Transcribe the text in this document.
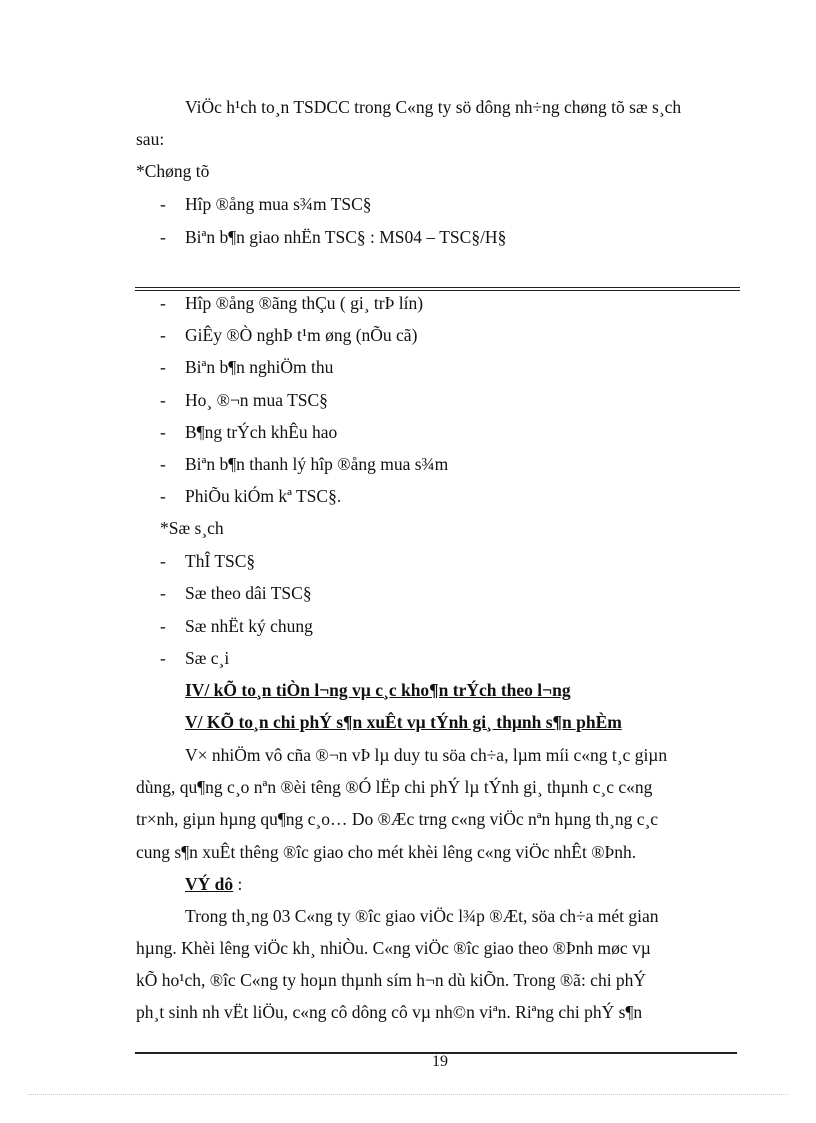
ViÖc h¹ch to¸n TSDCC trong C«ng ty sö dông nh÷ng chøng tõ sæ s¸ch
sau:
*Chøng tõ
- Hîp ®ång mua s¾m TSC§
- Biªn b¶n giao nhËn TSC§ : MS04 – TSC§/H§
- Hîp ®ång ®ãng thÇu ( gi¸ trÞ lín)
- GiÊy ®Ò nghÞ t¹m øng (nÕu cã)
- Biªn b¶n nghiÖm thu
- Ho¸ ®¬n mua TSC§
- B¶ng trÝch khÊu hao
- Biªn b¶n thanh lý hîp ®ång mua s¾m
- PhiÕu kiÓm kª TSC§.
*Sæ s¸ch
- ThÎ TSC§
- Sæ theo dâi TSC§
- Sæ nhËt ký chung
- Sæ c¸i
IV/ kÕ to¸n tiÒn l¬ng vµ c¸c kho¶n trÝch theo l¬ng
V/ KÕ to¸n chi phÝ s¶n xuÊt vµ tÝnh gi¸ thµnh s¶n phÈm
V× nhiÖm vô cña ®¬n vÞ lµ duy tu söa ch÷a, lµm míi c«ng t¸c giµn
dùng, qu¶ng c¸o nªn ®èi têng ®Ó lËp chi phÝ lµ tÝnh gi¸ thµnh c¸c c«ng
tr×nh, giµn hµng qu¶ng c¸o… Do ®Æc trng c«ng viÖc nªn hµng th¸ng c¸c
cung s¶n xuÊt thêng ®îc giao cho mét khèi lêng c«ng viÖc nhÊt ®Þnh.
VÝ dô :
Trong th¸ng 03 C«ng ty ®îc giao viÖc l¾p ®Æt, söa ch÷a mét gian
hµng. Khèi lêng viÖc kh¸ nhiÒu. C«ng viÖc ®îc giao theo ®Þnh møc vµ
kÕ ho¹ch, ®îc C«ng ty hoµn thµnh sím h¬n dù kiÕn. Trong ®ã: chi phÝ
ph¸t sinh nh vËt liÖu, c«ng cô dông cô vµ nh©n viªn. Riªng chi phÝ s¶n
19
